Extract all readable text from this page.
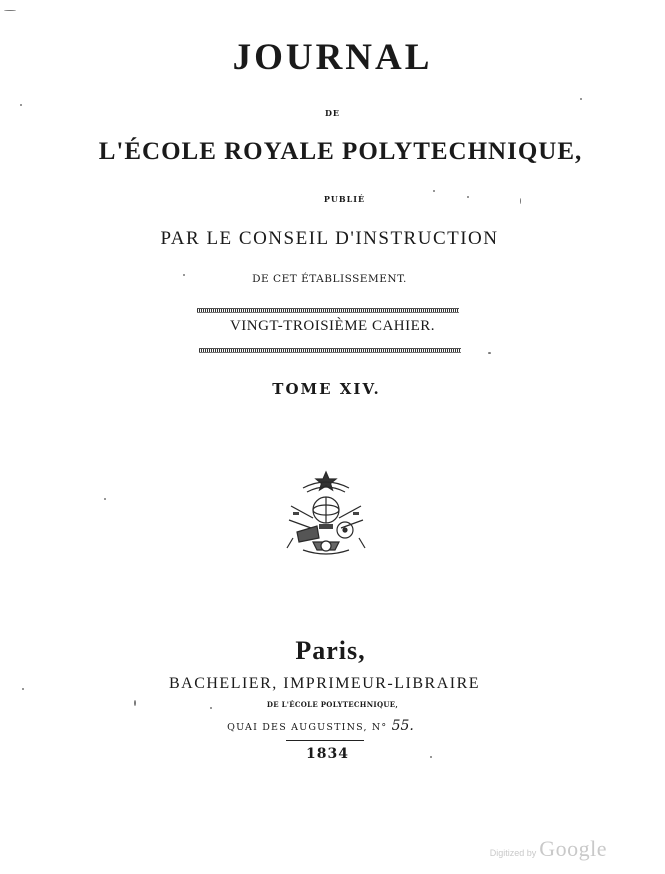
JOURNAL
DE
L'ÉCOLE ROYALE POLYTECHNIQUE,
PUBLIÉ
PAR LE CONSEIL D'INSTRUCTION
DE CET ÉTABLISSEMENT.
VINGT-TROISIÈME CAHIER.
TOME XIV.
Paris,
BACHELIER, IMPRIMEUR-LIBRAIRE
DE L'ÉCOLE POLYTECHNIQUE,
QUAI DES AUGUSTINS, N° 55.
1834
Digitized by Google
